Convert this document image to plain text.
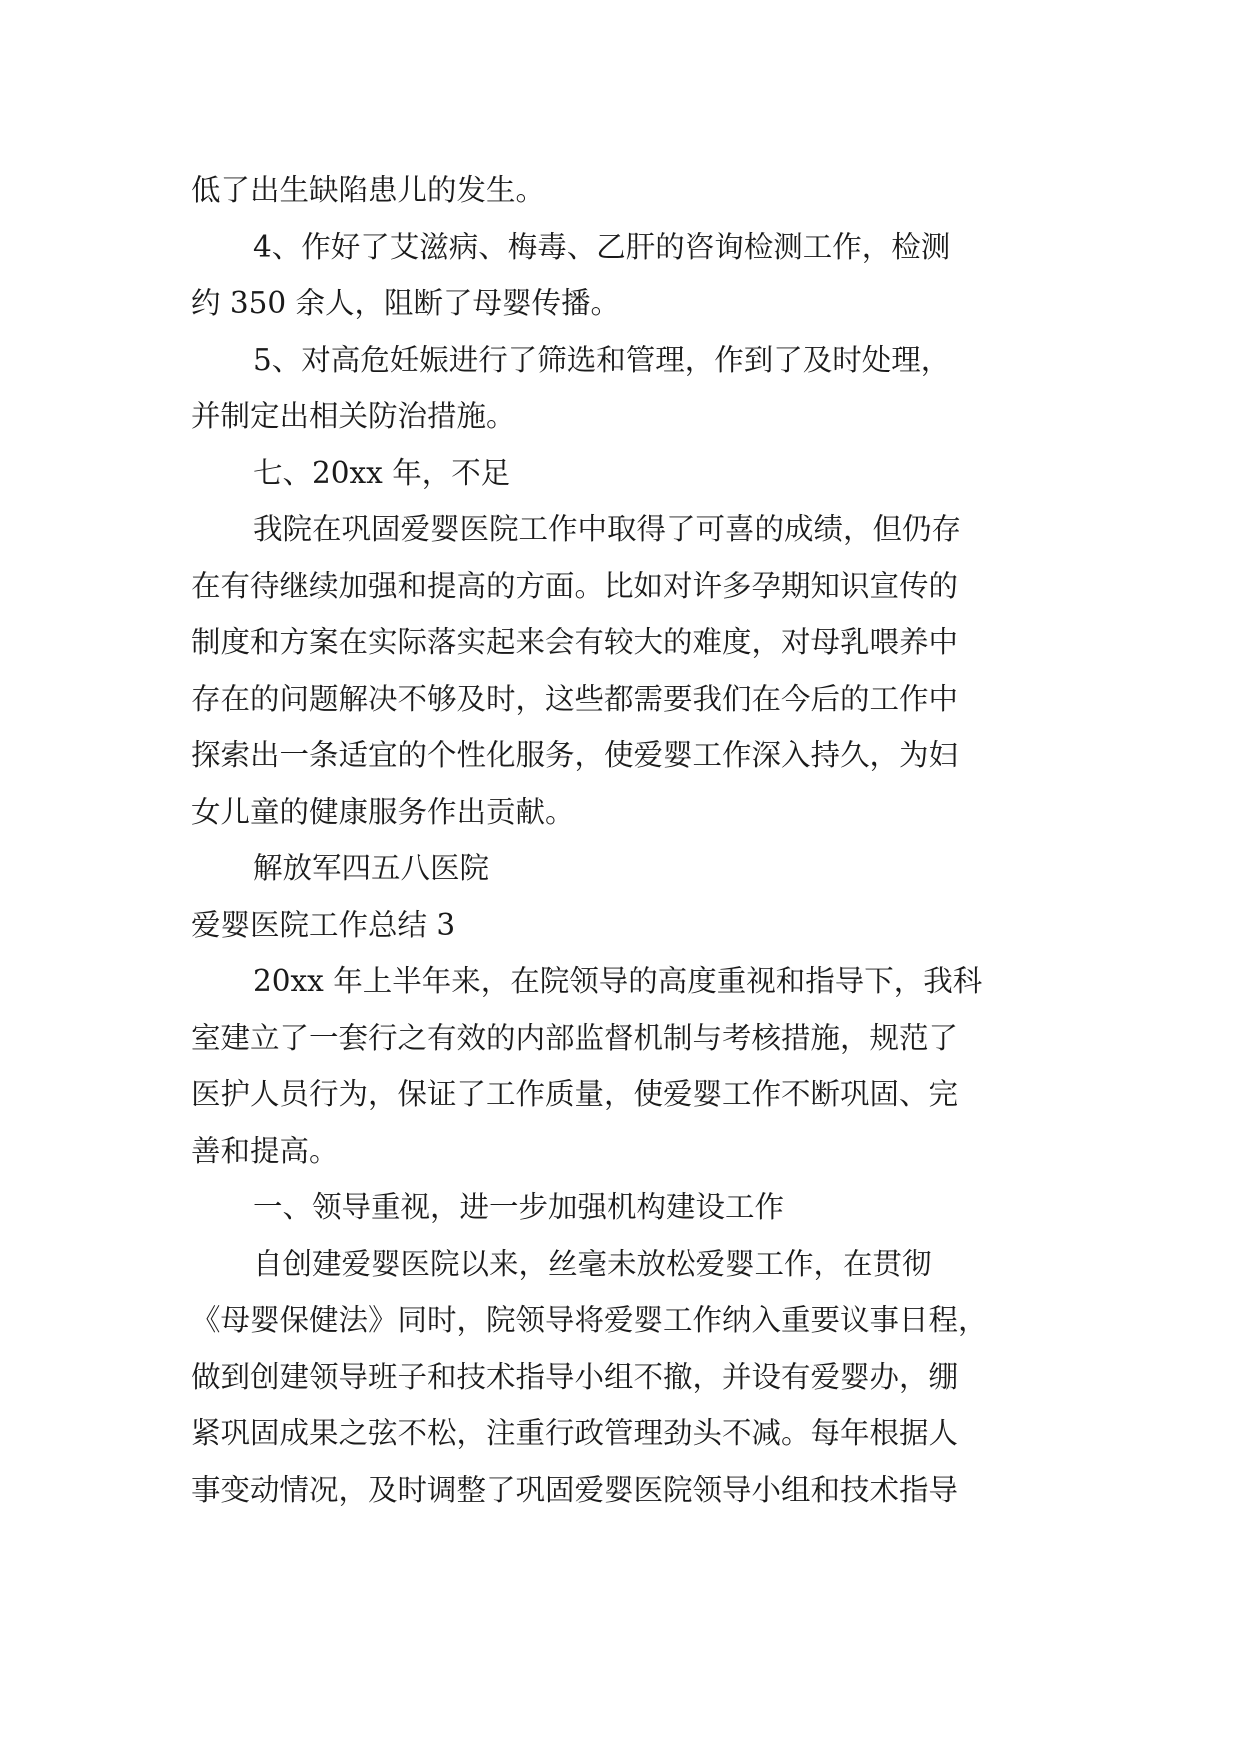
低了出生缺陷患儿的发生。
4、作好了艾滋病、梅毒、乙肝的咨询检测工作，检测
约 350 余人，阻断了母婴传播。
5、对高危妊娠进行了筛选和管理，作到了及时处理，
并制定出相关防治措施。
七、20xx 年，不足
我院在巩固爱婴医院工作中取得了可喜的成绩，但仍存
在有待继续加强和提高的方面。比如对许多孕期知识宣传的
制度和方案在实际落实起来会有较大的难度，对母乳喂养中
存在的问题解决不够及时，这些都需要我们在今后的工作中
探索出一条适宜的个性化服务，使爱婴工作深入持久，为妇
女儿童的健康服务作出贡献。
解放军四五八医院
爱婴医院工作总结 3
20xx 年上半年来，在院领导的高度重视和指导下，我科
室建立了一套行之有效的内部监督机制与考核措施，规范了
医护人员行为，保证了工作质量，使爱婴工作不断巩固、完
善和提高。
一、领导重视，进一步加强机构建设工作
自创建爱婴医院以来，丝毫未放松爱婴工作，在贯彻
《母婴保健法》同时，院领导将爱婴工作纳入重要议事日程，
做到创建领导班子和技术指导小组不撤，并设有爱婴办，绷
紧巩固成果之弦不松，注重行政管理劲头不减。每年根据人
事变动情况，及时调整了巩固爱婴医院领导小组和技术指导
